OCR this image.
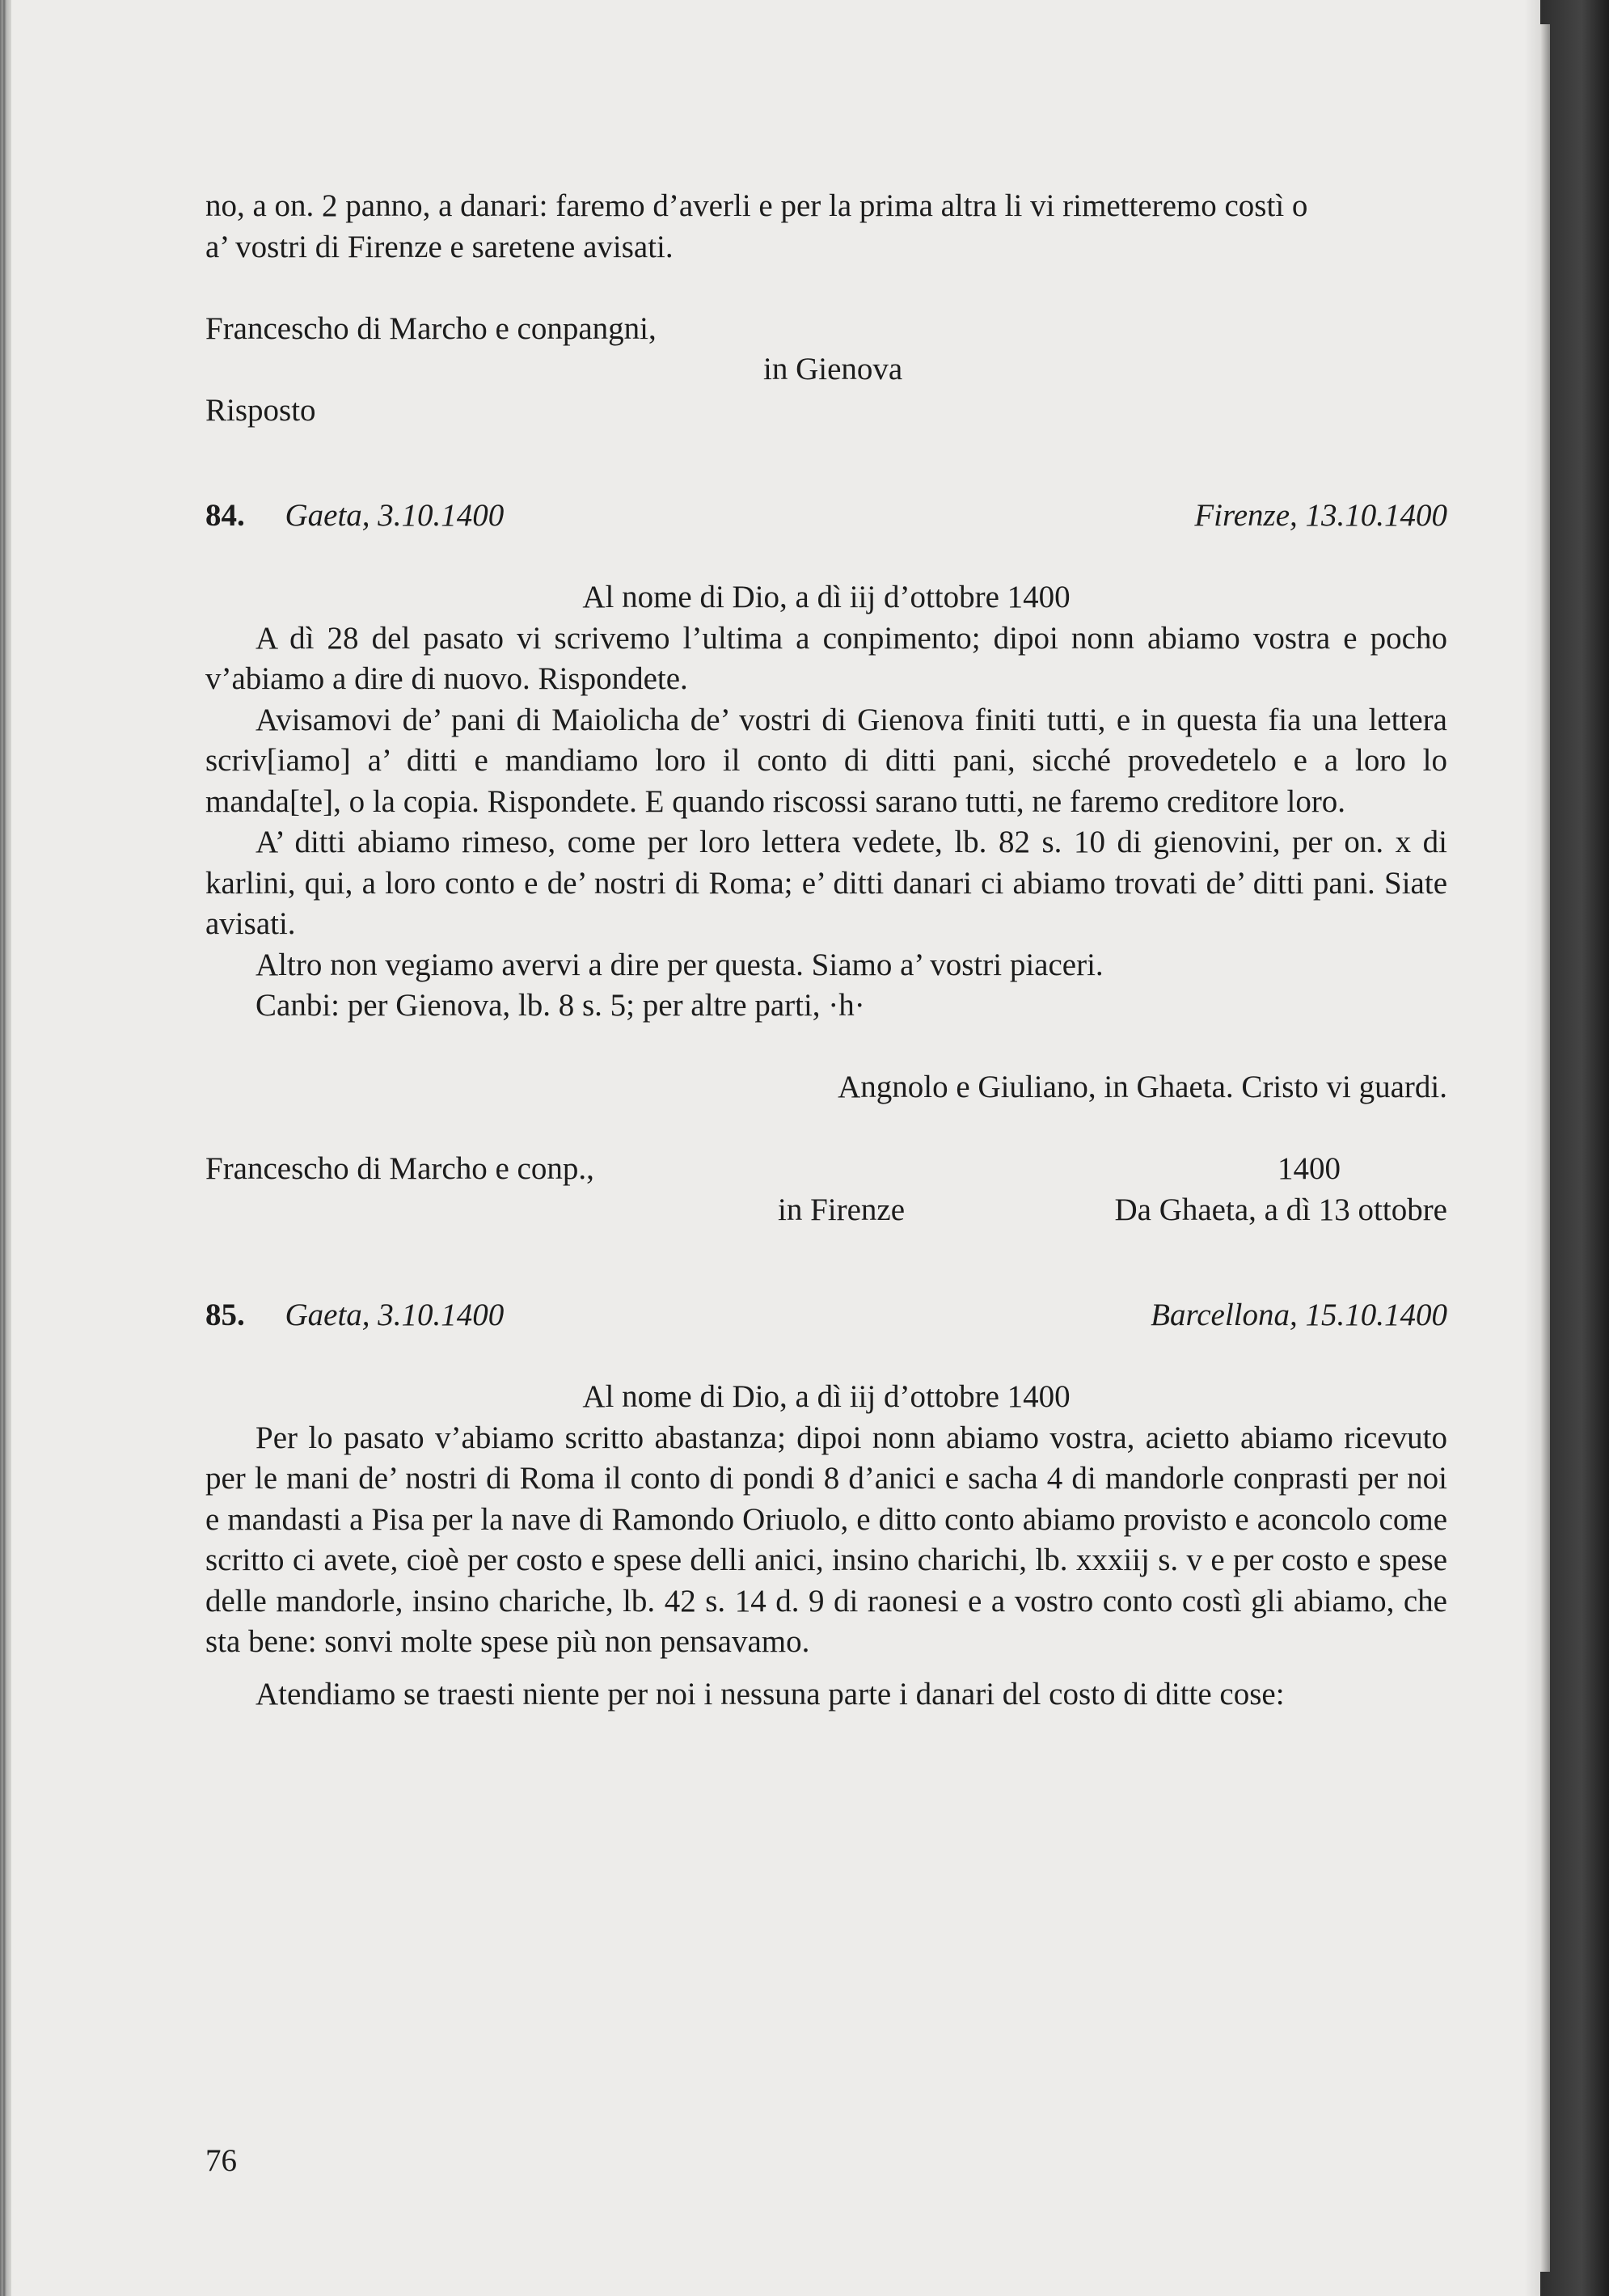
no, a on. 2 panno, a danari: faremo d’averli e per la prima altra li vi rimetteremo costì o

a’ vostri di Firenze e saretene avisati.

Francescho di Marcho e conpangni,
in Gienova

Risposto

84. Gaeta, 3.10.1400	Firenze, 13.10.1400

Al nome di Dio, a dì iij d’ottobre 1400

A dì 28 del pasato vi scrivemo l’ultima a conpimento; dipoi nonn abiamo vostra e pocho v’abiamo a dire di nuovo. Rispondete.

Avisamovi de’ pani di Maiolicha de’ vostri di Gienova finiti tutti, e in questa fia una lettera scriv[iamo] a’ ditti e mandiamo loro il conto di ditti pani, sicché provedetelo e a loro lo manda[te], o la copia. Rispondete. E quando riscossi sarano tutti, ne faremo creditore loro.

A’ ditti abiamo rimeso, come per loro lettera vedete, lb. 82 s. 10 di gienovini, per on. x di karlini, qui, a loro conto e de’ nostri di Roma; e’ ditti danari ci abiamo trovati de’ ditti pani. Siate avisati.

Altro non vegiamo avervi a dire per questa. Siamo a’ vostri piaceri.

Canbi: per Gienova, lb. 8 s. 5; per altre parti, ·h·

Angnolo e Giuliano, in Ghaeta. Cristo vi guardi.

Francescho di Marcho e conp.,
in Firenze
1400
Da Ghaeta, a dì 13 ottobre
85. Gaeta, 3.10.1400	Barcellona, 15.10.1400

Al nome di Dio, a dì iij d’ottobre 1400

Per lo pasato v’abiamo scritto abastanza; dipoi nonn abiamo vostra, acietto abiamo ricevuto per le mani de’ nostri di Roma il conto di pondi 8 d’anici e sacha 4 di mandorle conprasti per noi e mandasti a Pisa per la nave di Ramondo Oriuolo, e ditto conto abiamo provisto e aconcolo come scritto ci avete, cioè per costo e spese delli anici, insino charichi, lb. xxxiij s. v e per costo e spese delle mandorle, insino chariche, lb. 42 s. 14 d. 9 di raonesi e a vostro conto costì gli abiamo, che sta bene: sonvi molte spese più non pensavamo.

Atendiamo se traesti niente per noi i nessuna parte i danari del costo di ditte cose:

76
